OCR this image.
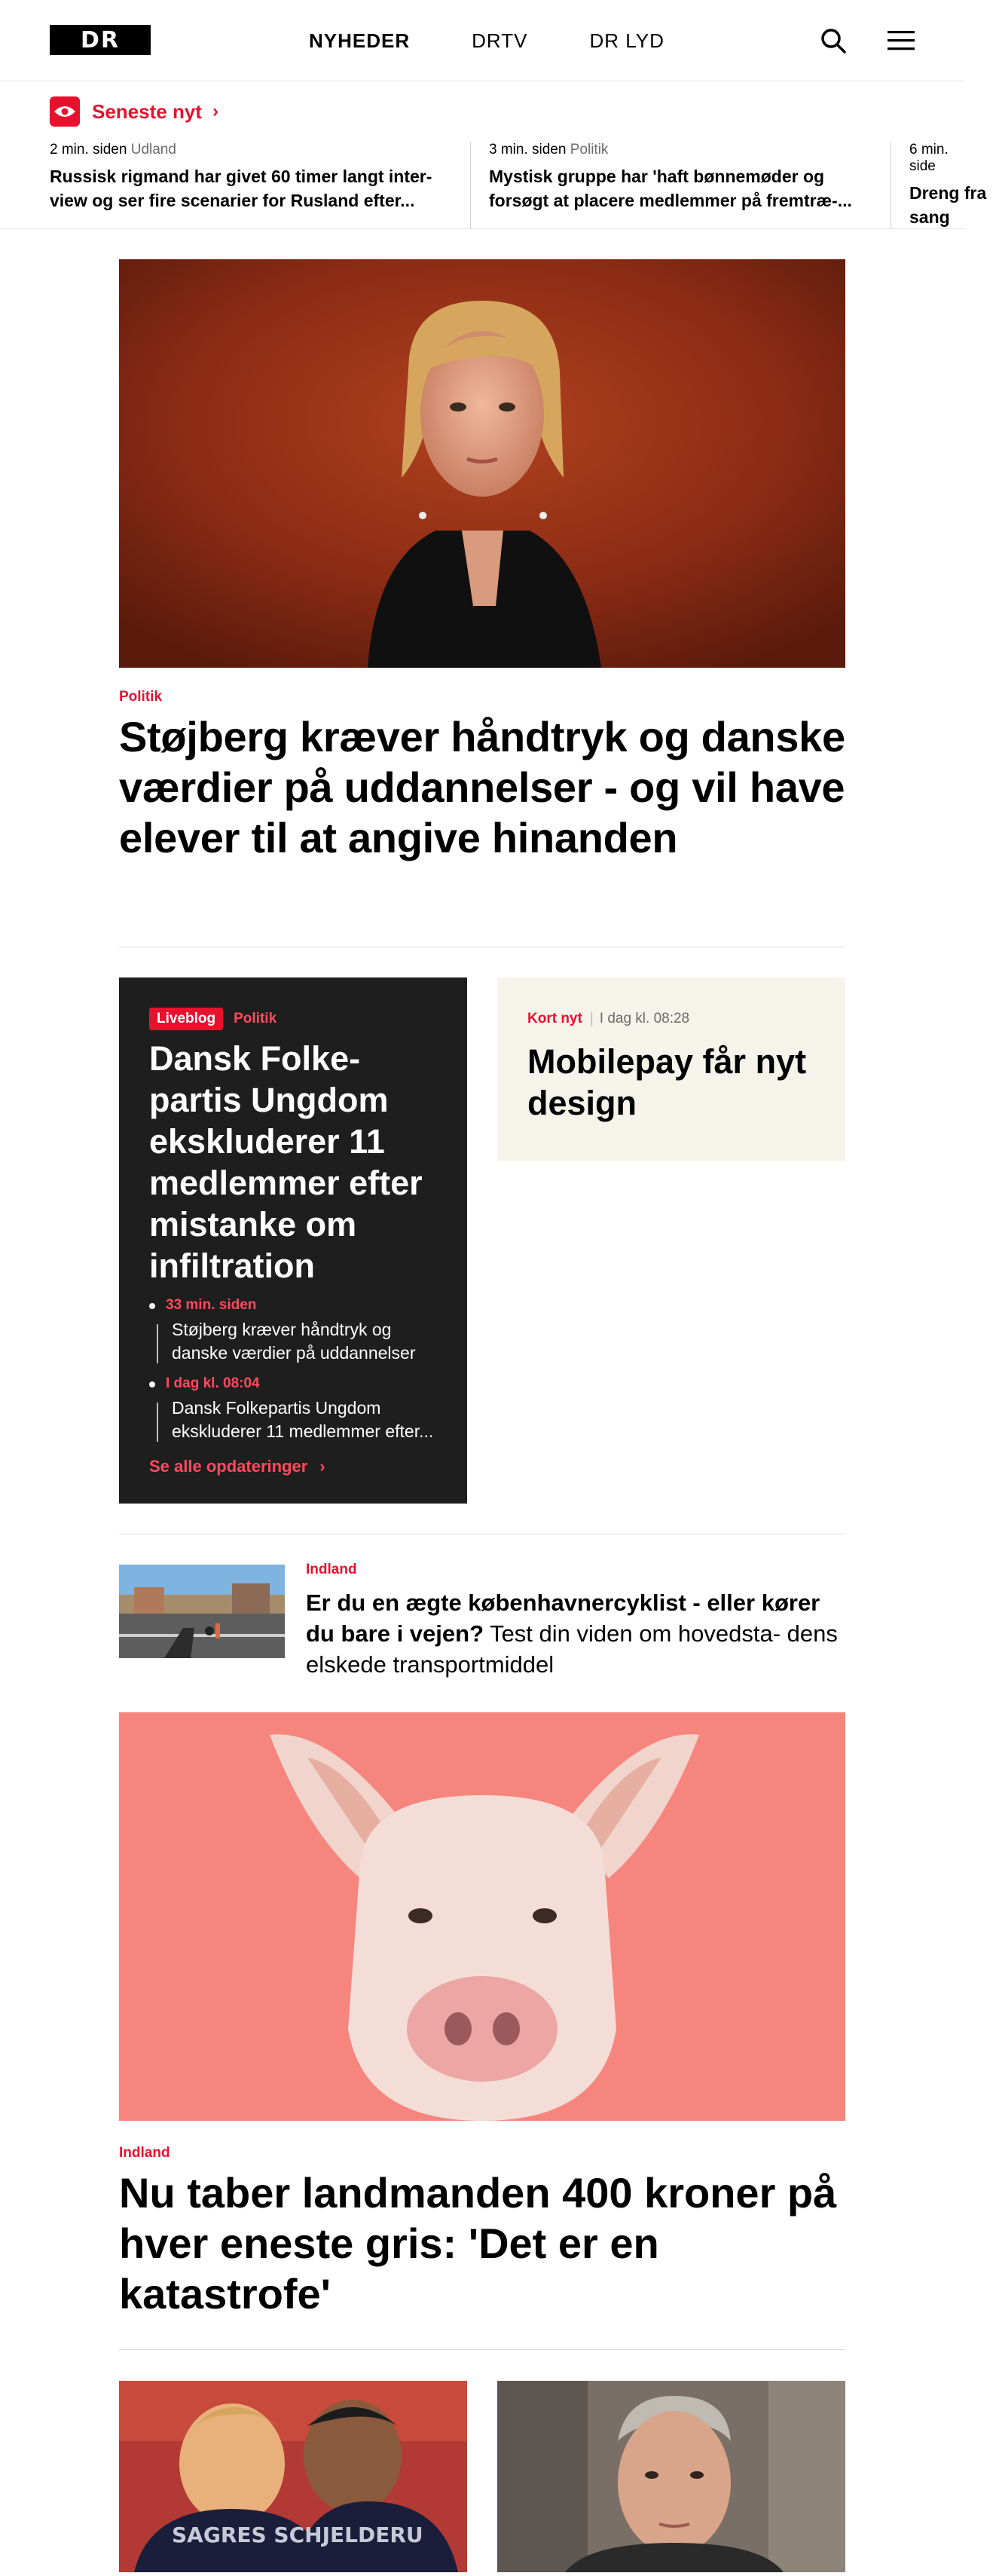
DR	NYHEDER	DRTV	DR LYD
Seneste nyt ›
2 min. siden Udland
Russisk rigmand har givet 60 timer langt inter- view og ser fire scenarier for Rusland efter...
3 min. siden Politik
Mystisk gruppe har 'haft bønnemøder og forsøgt at placere medlemmer på fremtræ-...
6 min. side
Dreng fra sang
Politik
Støjberg kræver håndtryk og danske værdier på uddannelser - og vil have elever til at angive hinanden
Liveblog	Politik
Dansk Folke- partis Ungdom ekskluderer 11 medlemmer efter mistanke om infiltration
33 min. siden
Støjberg kræver håndtryk og danske værdier på uddannelser
I dag kl. 08:04
Dansk Folkepartis Ungdom ekskluderer 11 medlemmer efter...
Se alle opdateringer ›
Kort nyt | I dag kl. 08:28
Mobilepay får nyt design
Indland
Er du en ægte københavnercyklist - eller kører du bare i vejen? Test din viden om hovedsta- dens elskede transportmiddel
Indland
Nu taber landmanden 400 kroner på hver eneste gris: 'Det er en katastrofe'
SAGRES SCHJELDERU
